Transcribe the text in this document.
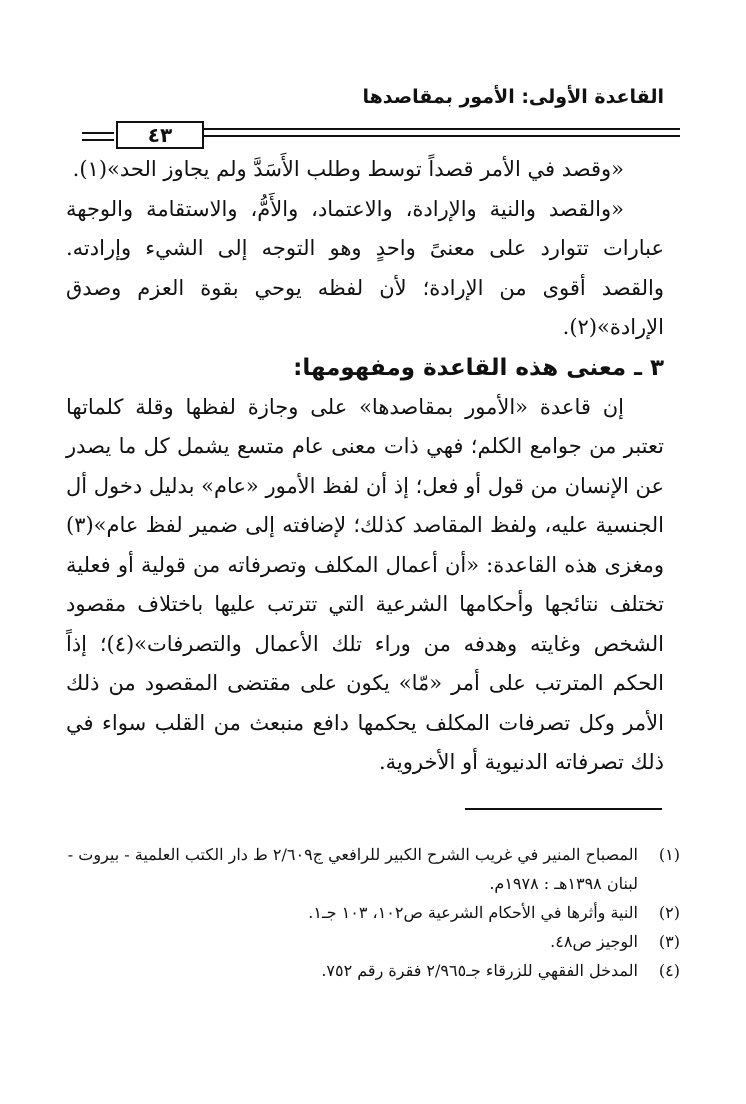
القاعدة الأولى: الأمور بمقاصدها
٤٣

«وقصد في الأمر قصداً توسط وطلب الأَسَدَّ ولم يجاوز الحد»(١).

«والقصد والنية والإرادة، والاعتماد، والأَمُّ، والاستقامة والوجهة عبارات تتوارد على معنىً واحدٍ وهو التوجه إلى الشيء وإرادته. والقصد أقوى من الإرادة؛ لأن لفظه يوحي بقوة العزم وصدق الإرادة»(٢).

٣ ـ معنى هذه القاعدة ومفهومها:

إن قاعدة «الأمور بمقاصدها» على وجازة لفظها وقلة كلماتها تعتبر من جوامع الكلم؛ فهي ذات معنى عام متسع يشمل كل ما يصدر عن الإنسان من قول أو فعل؛ إذ أن لفظ الأمور «عام» بدليل دخول أل الجنسية عليه، ولفظ المقاصد كذلك؛ لإضافته إلى ضمير لفظ عام»(٣) ومغزى هذه القاعدة: «أن أعمال المكلف وتصرفاته من قولية أو فعلية تختلف نتائجها وأحكامها الشرعية التي تترتب عليها باختلاف مقصود الشخص وغايته وهدفه من وراء تلك الأعمال والتصرفات»(٤)؛ إذاً الحكم المترتب على أمر «مّا» يكون على مقتضى المقصود من ذلك الأمر وكل تصرفات المكلف يحكمها دافع منبعث من القلب سواء في ذلك تصرفاته الدنيوية أو الأخروية.

(١)
المصباح المنير في غريب الشرح الكبير للرافعي ج٢/٦٠٩ ط دار الكتب العلمية - بيروت - لبنان ١٣٩٨هـ : ١٩٧٨م.
(٢)
النية وأثرها في الأحكام الشرعية ص١٠٢، ١٠٣ جـ١.
(٣)
الوجيز ص٤٨.
(٤)
المدخل الفقهي للزرقاء جـ٢/٩٦٥ فقرة رقم ٧٥٢.
